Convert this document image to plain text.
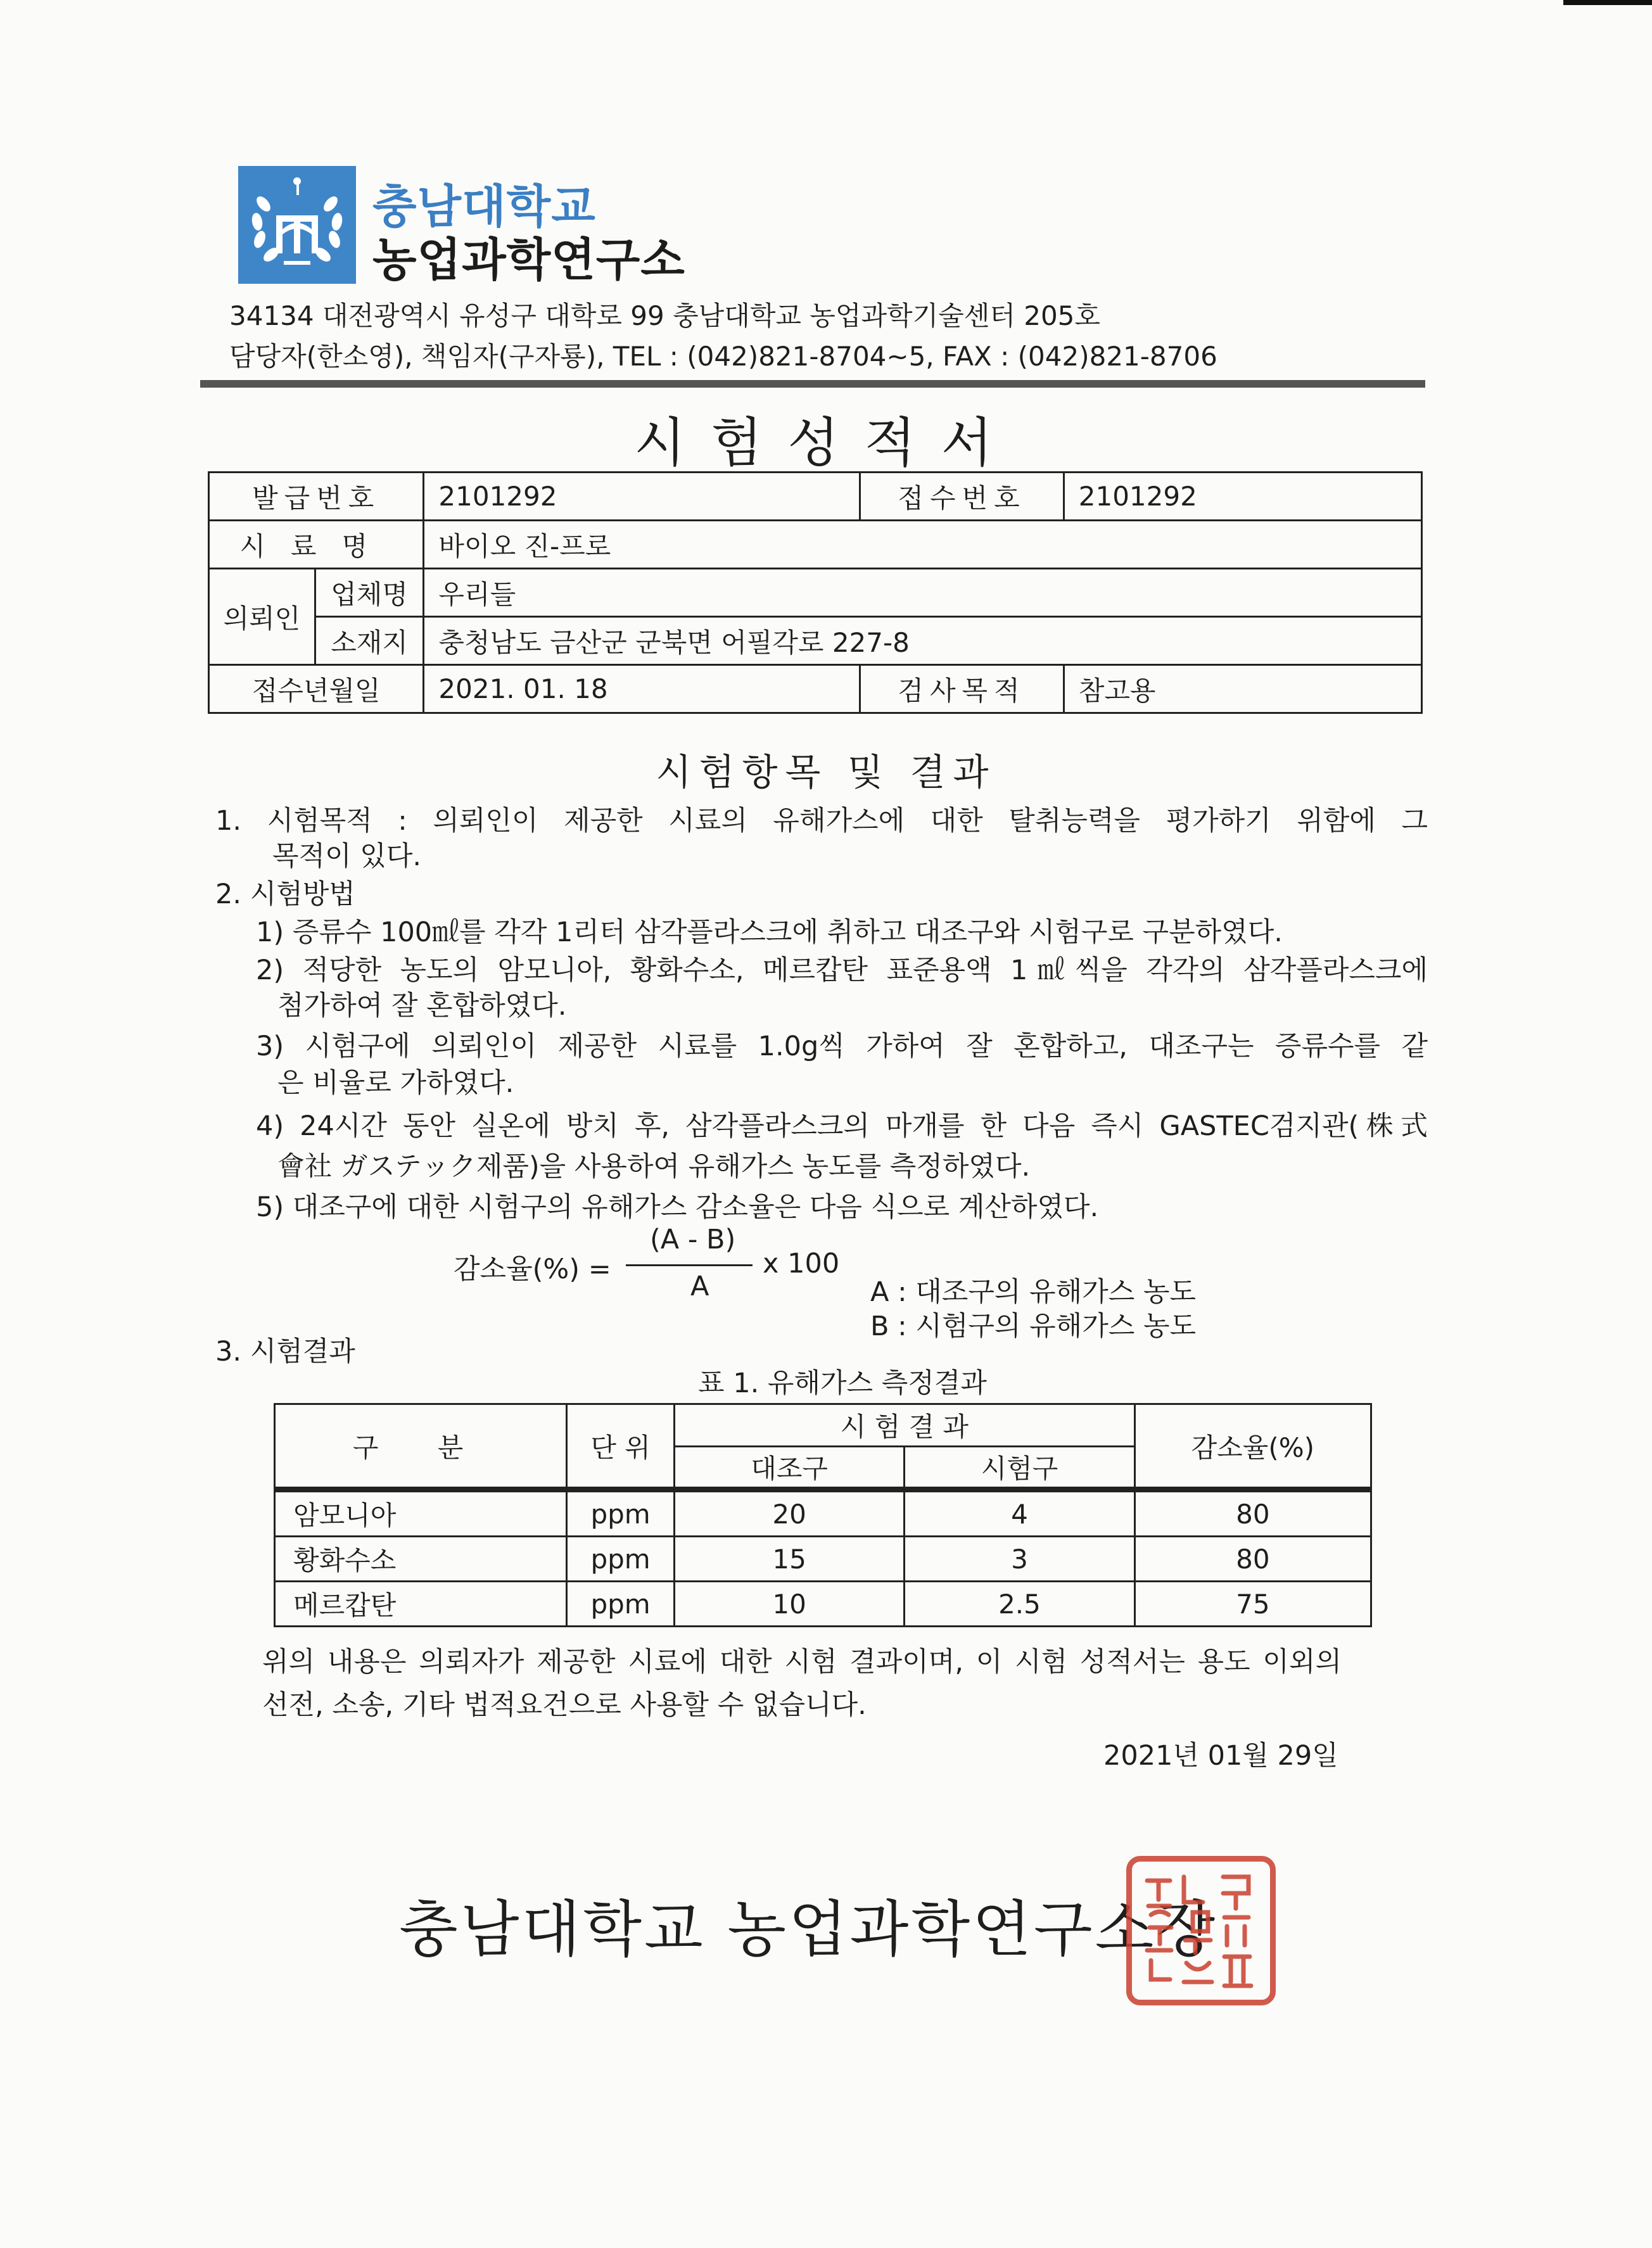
충남대학교
농업과학연구소
34134 대전광역시 유성구 대학로 99 충남대학교 농업과학기술센터 205호
담당자(한소영), 책임자(구자룡), TEL : (042)821-8704~5, FAX : (042)821-8706
시험성적서
발급번호		2101292	접수번호	2101292
시료명		바이오 진-프로		
의뢰인	업체명	우리들		
	소재지	충청남도 금산군 군북면 어필각로 227-8		
접수년월일		2021. 01. 18	검사목적	참고용
시험항목 및 결과
1. 시험목적 : 의뢰인이 제공한 시료의 유해가스에 대한 탈취능력을 평가하기 위함에 그
목적이 있다.
2. 시험방법
1) 증류수 100㎖를 각각 1리터 삼각플라스크에 취하고 대조구와 시험구로 구분하였다.
2) 적당한 농도의 암모니아, 황화수소, 메르캅탄 표준용액 1㎖씩을 각각의 삼각플라스크에
첨가하여 잘 혼합하였다.
3) 시험구에 의뢰인이 제공한 시료를 1.0g씩 가하여 잘 혼합하고, 대조구는 증류수를 같
은 비율로 가하였다.
4) 24시간 동안 실온에 방치 후, 삼각플라스크의 마개를 한 다음 즉시 GASTEC검지관(株式
會社 ガステック제품)을 사용하여 유해가스 농도를 측정하였다.
5) 대조구에 대한 시험구의 유해가스 감소율은 다음 식으로 계산하였다.
감소율(%) =
(A - B)
A
x 100
A : 대조구의 유해가스 농도
B : 시험구의 유해가스 농도
3. 시험결과
표 1. 유해가스 측정결과
구 분	단 위	시 험 결 과		감소율(%)
		대조구	시험구	
암모니아	ppm	20	4	80
황화수소	ppm	15	3	80
메르캅탄	ppm	10	2.5	75
위의 내용은 의뢰자가 제공한 시료에 대한 시험 결과이며, 이 시험 성적서는 용도 이외의
선전, 소송, 기타 법적요건으로 사용할 수 없습니다.
2021년 01월 29일
충남대학교 농업과학연구소장
